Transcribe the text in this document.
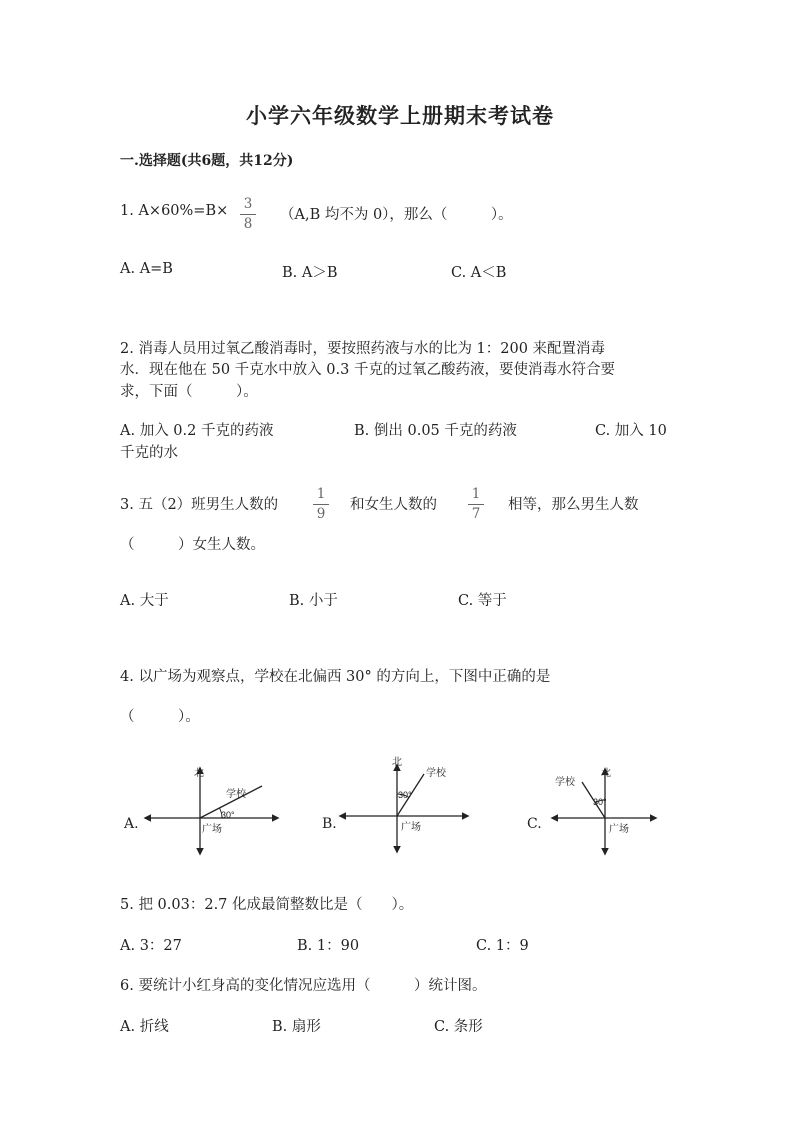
小学六年级数学上册期末考试卷
一.选择题(共6题，共12分)
1. A×60%=B×	3
8
（A,B 均不为 0），那么（　　　）。
A. A=B	B. A＞B	C. A＜B
2. 消毒人员用过氧乙酸消毒时，要按照药液与水的比为 1：200 来配置消毒
水．现在他在 50 千克水中放入 0.3 千克的过氧乙酸药液，要使消毒水符合要
求，下面（　　　）。
A. 加入 0.2 千克的药液	B. 倒出 0.05 千克的药液	C. 加入 10
千克的水
3. 五（2）班男生人数的
1
9
和女生人数的
1
7
相等，那么男生人数
（　　　）女生人数。
A. 大于	B. 小于	C. 等于
4. 以广场为观察点，学校在北偏西 30° 的方向上，下图中正确的是
（　　　）。
A.
北
学校
广场
30°
B.
北
学校
广场
30°
C.
北
学校
广场
30°
5. 把 0.03：2.7 化成最简整数比是（　　）。
A. 3：27	B. 1：90	C. 1：9
6. 要统计小红身高的变化情况应选用（　　　）统计图。
A. 折线	B. 扇形	C. 条形
